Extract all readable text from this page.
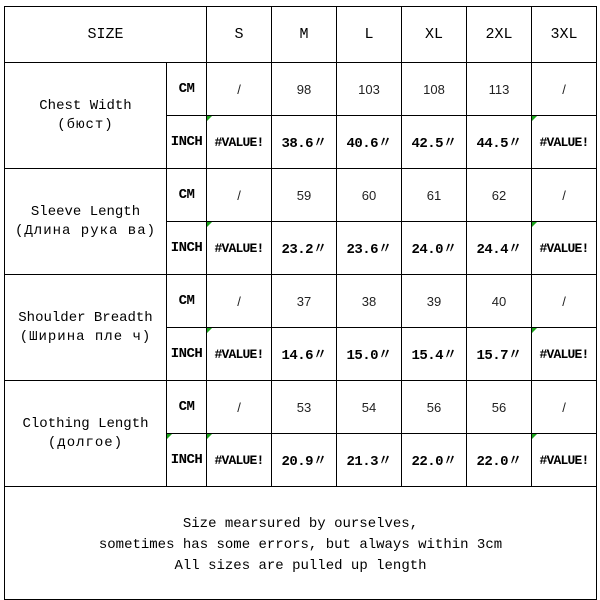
SIZE		S	M	L	XL	2XL	3XL
Chest Width
(бюст)	CM	/	98	103	108	113	/
	INCH	#VALUE!	38.6〃	40.6〃	42.5〃	44.5〃	#VALUE!
Sleeve Length
(Длина рука ва)	CM	/	59	60	61	62	/
	INCH	#VALUE!	23.2〃	23.6〃	24.0〃	24.4〃	#VALUE!
Shoulder Breadth
(Ширина пле ч)	CM	/	37	38	39	40	/
	INCH	#VALUE!	14.6〃	15.0〃	15.4〃	15.7〃	#VALUE!
Clothing Length
(долгое)	CM	/	53	54	56	56	/
	INCH	#VALUE!	20.9〃	21.3〃	22.0〃	22.0〃	#VALUE!

Size mearsured by ourselves,
sometimes has some errors, but always within 3cm
All sizes are pulled up length							
